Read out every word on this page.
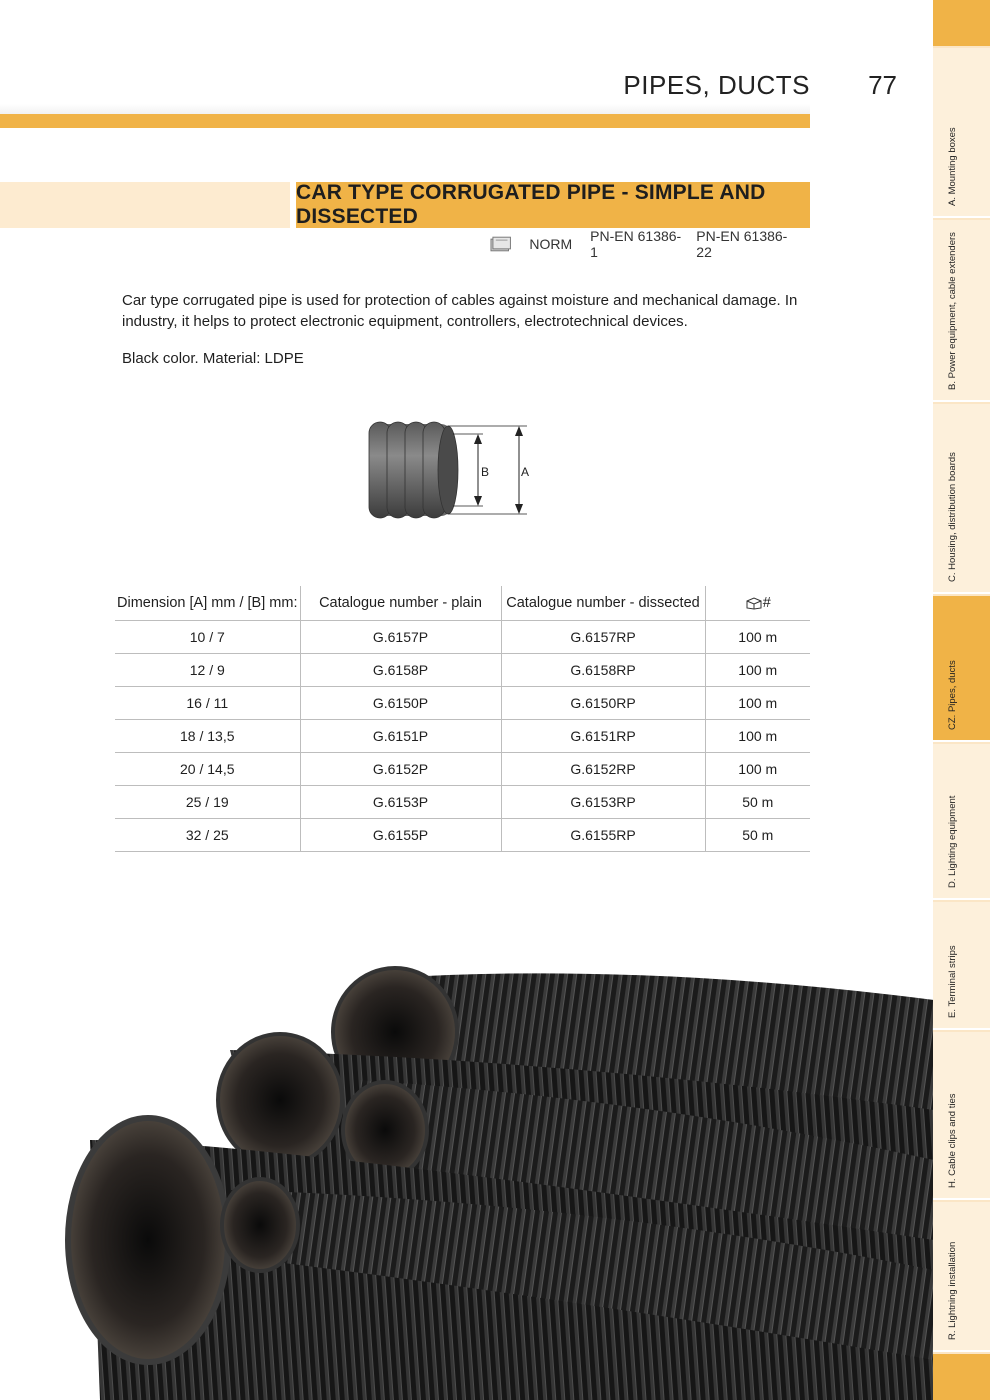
PIPES, DUCTS	77
CAR TYPE CORRUGATED PIPE - SIMPLE AND DISSECTED
NORM PN-EN 61386-1
PN-EN 61386-22

Car type corrugated pipe is used for protection of cables against moisture and mechanical damage. In industry, it helps to protect electronic equipment, controllers, electrotechnical devices.

Black color. Material: LDPE

B	A
Dimension [A] mm / [B] mm:	Catalogue number - plain	Catalogue number - dissected	#
10 / 7	G.6157P	G.6157RP	100 m
12 / 9	G.6158P	G.6158RP	100 m
16 / 11	G.6150P	G.6150RP	100 m
18 / 13,5	G.6151P	G.6151RP	100 m
20 / 14,5	G.6152P	G.6152RP	100 m
25 / 19	G.6153P	G.6153RP	50 m
32 / 25	G.6155P	G.6155RP	50 m
A. Mounting boxes
B. Power equipment, cable extenders
C. Housing, distribution boards
CZ. Pipes, ducts
D. Lighting equipment
E. Terminal strips
H. Cable clips and ties
R. Lightning installation
